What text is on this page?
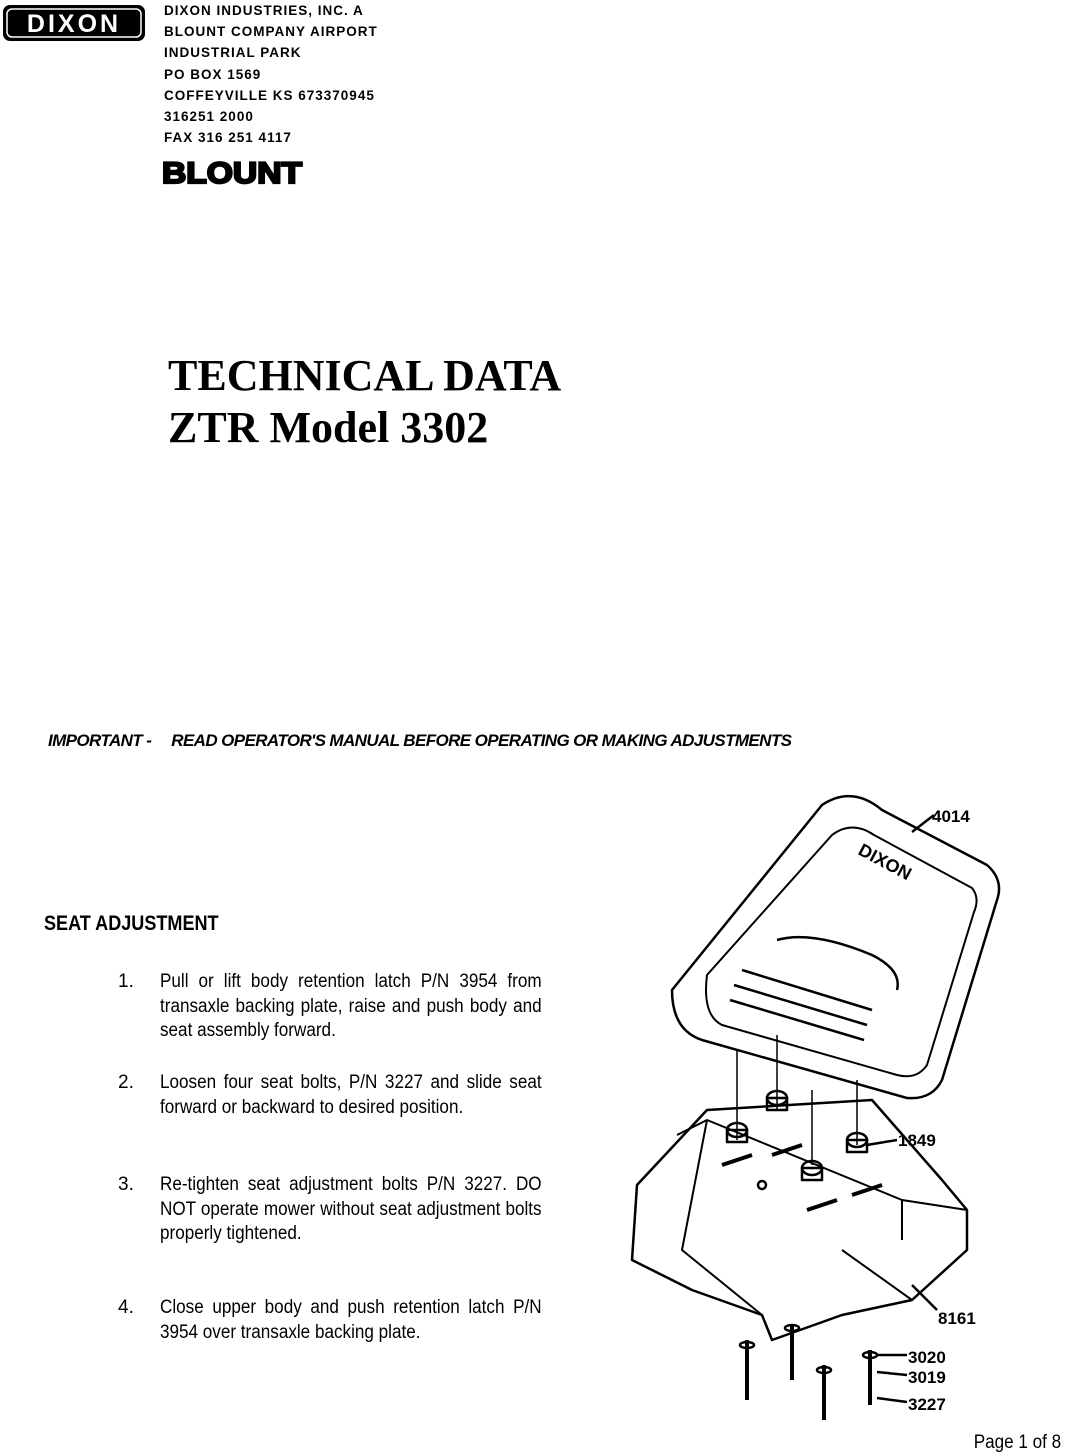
DIXON	DIXON INDUSTRIES, INC. A
BLOUNT COMPANY AIRPORT
INDUSTRIAL PARK
PO BOX 1569
COFFEYVILLE KS 673370945
316251 2000
FAX 316 251 4117
BLOUNT
TECHNICAL DATA
ZTR Model 3302
IMPORTANT - READ OPERATOR'S MANUAL BEFORE OPERATING OR MAKING ADJUSTMENTS
SEAT ADJUSTMENT
1.	Pull or lift body retention latch P/N 3954 from transaxle backing plate, raise and push body and seat assembly forward.
2.	Loosen four seat bolts, P/N 3227 and slide seat forward or backward to desired position.
3.	Re-tighten seat adjustment bolts P/N 3227. DO NOT operate mower without seat adjustment bolts properly tightened.
4.	Close upper body and push retention latch P/N 3954 over transaxle backing plate.
DIXON
4014
1849
8161
3020
3019
3227
Page 1 of 8
